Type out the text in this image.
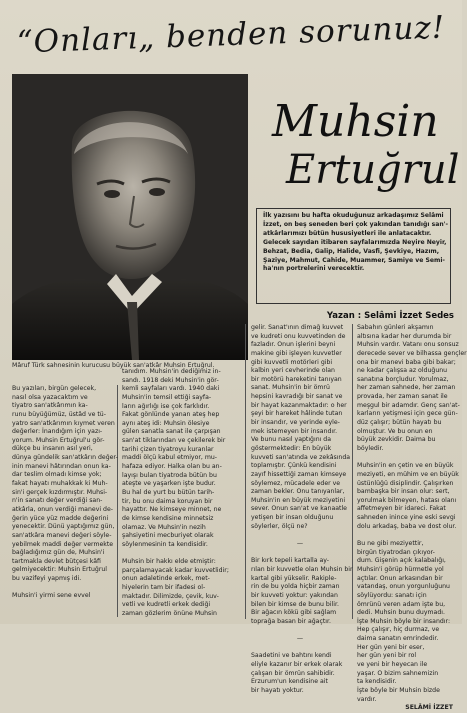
“Onları„ benden sorunuz!
Mâruf Türk sahnesinin kurucusu büyük san'atkâr Muhsin Ertuğrul.
Muhsin
Ertuğrul
İlk yazısını bu hafta okuduğunuz arkadaşımız Selâmi
İzzet, on beş seneden beri çok yakından tanıdığı san'-
atkârlarımızı bütün hususiyetleri ile anlatacaktır.
Gelecek sayıdan itibaren sayfalarımızda Neyire Neyir,
Behzat, Bedia, Galip, Halide, Vasfi, Şevkiye, Hazım,
Şaziye, Mahmut, Cahide, Muammer, Samiye ve Semi-
ha'nın portrelerini verecektir.
Yazan : Selâmi İzzet Sedes
Bu yazıları, birgün gelecek,
nasıl olsa yazacaktım ve
tiyatro san'atkârımın ka-
runu büyüğümüz, üstâd ve tü-
yatro san'atkârımın kıymet veren
değerler: İnandığım için yazı-
yorum. Muhsin Ertuğrul'u gör-
dükçe bu insanın asıl yeri,
dünya gündelik san'atkârın değer-
inin manevi hâtırından onun ka-
dar teslim olmadı kimse yok;
fakat hayatı muhakkak ki Muh-
sin'i gerçek kızdırmıştır. Muhsi-
n'in sanatı değer verdiği san-
atkârla, onun verdiği manevi de-
ğerin yüce yüz madde değerini
yenecektir. Dünü yaptığımız gün,
san'atkâra manevi değeri söyle-
yebilmek maddi değer vermekte
bağladığımız gün de, Muhsin'i
tartmakla devlet bütçesi kâfi
gelmiyecektir: Muhsin Ertuğrul
bu vazifeyi yapmış idi.
Muhsin'i yirmi sene evvel
tanıdım. Muhsin'in dediğimiz in-
sandı. 1918 deki Muhsin'in gör-
kemli sayfaları vardı. 1940 daki
Muhsin'in temsil ettiği sayfa-
ların ağırlığı ise çok farklıdır.
Fakat gönlünde yanan ateş hep
aynı ateş idi: Muhsin ölesiye
gülen sanatla sanat ile çarpışan
san'at tiklarından ve çekilerek bir
tarihi çizen tiyatroyu kuranlar
maddi ölçü kabul etmiyor, mu-
hafaza ediyor. Halka olan bu an-
layışı bulan tiyatroda bütün bu
ateşte ve yaşarken işte budur.
Bu hal de yurt bu bütün tarih-
tir, bu onu daima koruyan bir
hayattır. Ne kimseye minnet, ne
de kimse kendisine minnetsiz
olamaz. Ve Muhsin'in nezih
şahsiyetini mecburiyet olarak
söylenmesinin ta kendisidir.
Muhsin bir hakkı elde etmiştir:
parçalamayacak kadar kuvvetlidir;
onun adaletinde erkek, met-
hiyelerin tam bir ifadesi ol-
maktadır. Dilimizde, çevik, kuv-
vetli ve kudretli erkek dediği
zaman gözlerim önüne Muhsin
gelir. Sanat'ının dimağ kuvvet
ve kudreti onu kuvvetinden de
fazladır. Onun işlerini beyni
makine gibi işleyen kuvvetler
gibi kuvvetli motörleri gibi
kalbin yeri cevherinde olan
bir motörü hareketini tanıyan
sanat. Muhsin'in bir ömrü
hepsini kavradığı bir sanat ve
bir hayat kazanmaktadır: o her
şeyi bir hareket hâlinde tutan
bir insandır, ve yerinde eyle-
mek istemeyen bir insandır.
Ve bunu nasıl yaptığını da
göstermektedir: En büyük
kuvveti san'atında ve zekâsında
toplamıştır. Çünkü kendisini
zayıf hissettiği zaman kimseye
söylemez, mücadele eder ve
zaman bekler. Onu tanıyanlar,
Muhsin'in en büyük meziyetini
sever. Onun san'at ve kanaatle
yetişen bir insan olduğunu
söylerler, ölçü ne?
—
Bir kırk tepeli kartalla ay-
rılan bir kuvvetle olan Muhsin bir
kartal gibi yükselir. Rakiple-
rin de bu yolda hiçbir zaman
bir kuvveti yoktur: yakından
bilen bir kimse de bunu bilir.
Bir ağacın kökü gibi sağlam
toprağa basan bir ağaçtır.
—
Saadetini ve bahtını kendi
eliyle kazanır bir erkek olarak
çalışan bir ömrün sahibidir.
Erzurum'un kendisine ait
bir hayatı yoktur.
Sabahın günleri akşamın
altısına kadar her durumda bir
Muhsin vardır. Vatanı onu sonsuz
derecede sever ve bilhassa gençler
ona bir manevi baba gibi bakar;
ne kadar çalışsa az olduğunu
sanatına borçludur. Yorulmaz,
her zaman sahnede, her zaman
provada, her zaman sanat ile
meşgul bir adamdır. Genç san'at-
karların yetişmesi için gece gün-
düz çalışır; bütün hayatı bu
olmuştur. Ve bu onun en
büyük zevkidir. Daima bu
böyledir.
Muhsin'in en çetin ve en büyük
meziyeti, en mühim ve en büyük
üstünlüğü disiplindir. Çalışırken
bambaşka bir insan olur: sert,
yorulmak bilmeyen, hatası olanı
affetmeyen bir idareci. Fakat
sahneden inince yine eski sevgi
dolu arkadaş, baba ve dost olur.
Bu ne gibi meziyettir,
birgün tiyatrodan çıkıyor-
dum. Gişenin açık kalabalığı,
Muhsin'i görüp hürmetle yol
açtılar. Onun arkasından bir
vatandaş, onun yorgunluğunu
söylüyordu: sanatı için
ömrünü veren adam işte bu,
dedi. Muhsin bunu duymadı.
İşte Muhsin böyle bir insandır:
Hep çalışır, hiç durmaz, ve
daima sanatın emrindedir.
Her gün yeni bir eser,
her gün yeni bir rol
ve yeni bir heyecan ile
yaşar. O bizim sahnemizin
ta kendisidir.
İşte böyle bir Muhsin bizde
vardır.
SELÂMİ İZZET
